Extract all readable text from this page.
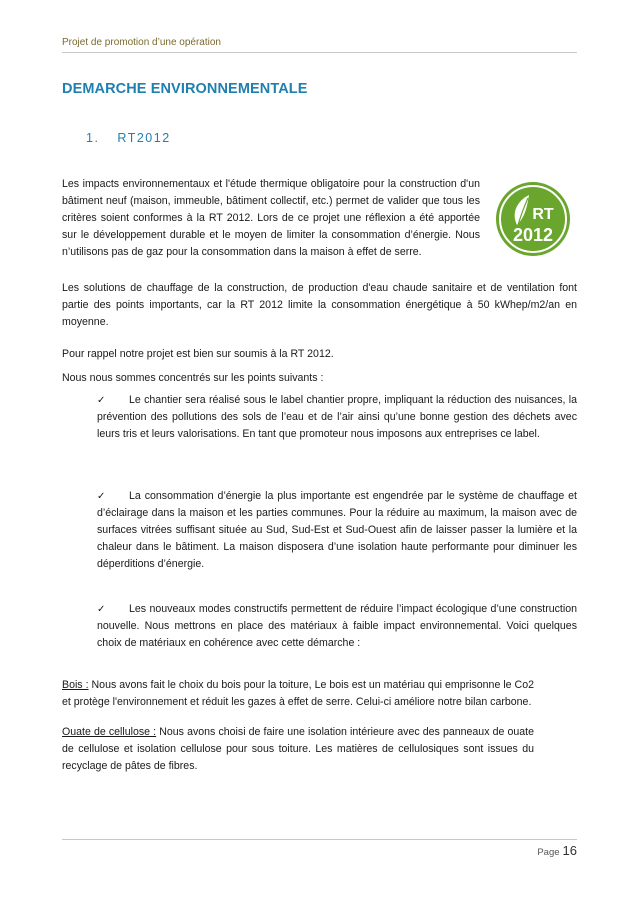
Projet de promotion d’une opération
DEMARCHE ENVIRONNEMENTALE
1. RT2012

Les impacts environnementaux et l'étude thermique obligatoire pour la construction d'un bâtiment neuf (maison, immeuble, bâtiment collectif, etc.) permet de valider que tous les critères soient conformes à la RT 2012. Lors de ce projet une réflexion a été apportée sur le développement durable et le moyen de limiter la consommation d’énergie. Nous n’utilisons pas de gaz pour la consommation dans la maison à effet de serre.

RT
2012

Les solutions de chauffage de la construction, de production d'eau chaude sanitaire et de ventilation font partie des points importants, car la RT 2012 limite la consommation énergétique à 50 kWhep/m2/an en moyenne.

Pour rappel notre projet est bien sur soumis à la RT 2012.

Nous nous sommes concentrés sur les points suivants :

✓ Le chantier sera réalisé sous le label chantier propre, impliquant la réduction des nuisances, la prévention des pollutions des sols de l’eau et de l’air ainsi qu’une bonne gestion des déchets avec leurs tris et leurs valorisations. En tant que promoteur nous imposons aux entreprises ce label.

✓ La consommation d’énergie la plus importante est engendrée par le système de chauffage et d’éclairage dans la maison et les parties communes. Pour la réduire au maximum, la maison avec de surfaces vitrées suffisant située au Sud, Sud-Est et Sud-Ouest afin de laisser passer la lumière et la chaleur dans le bâtiment. La maison disposera d’une isolation haute performante pour diminuer les déperditions d’énergie.

✓ Les nouveaux modes constructifs permettent de réduire l’impact écologique d’une construction nouvelle. Nous mettrons en place des matériaux à faible impact environnemental. Voici quelques choix de matériaux en cohérence avec cette démarche :

Bois : Nous avons fait le choix du bois pour la toiture, Le bois est un matériau qui emprisonne le Co2 et protège l'environnement et réduit les gazes à effet de serre. Celui-ci améliore notre bilan carbone.

Ouate de cellulose : Nous avons choisi de faire une isolation intérieure avec des panneaux de ouate de cellulose et isolation cellulose pour sous toiture. Les matières de cellulosiques sont issues du recyclage de pâtes de fibres.

Page 16
